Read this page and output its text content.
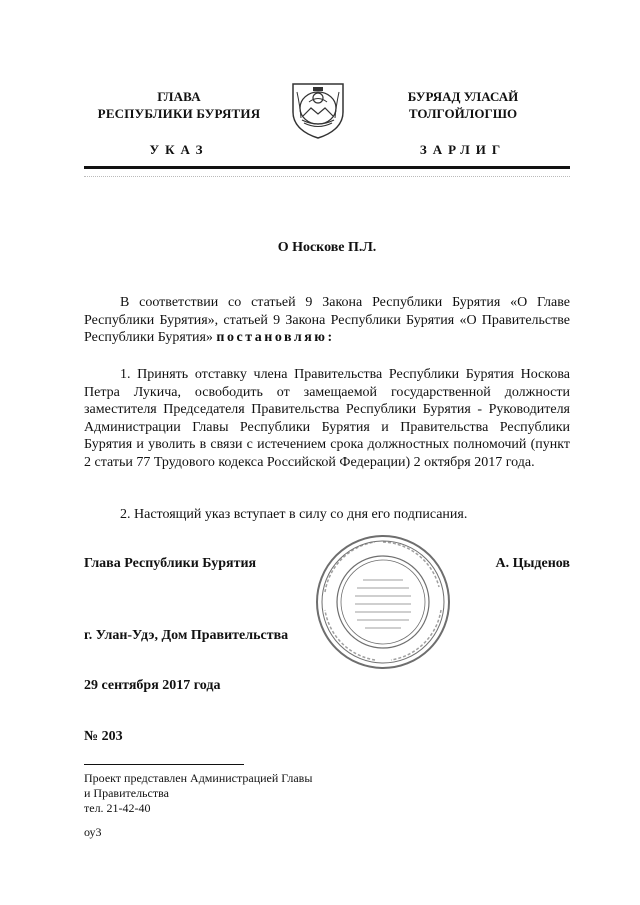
ГЛАВА
РЕСПУБЛИКИ БУРЯТИЯ
БУРЯАД УЛАСАЙ
ТОЛГОЙЛОГШО
УКАЗ	ЗАРЛИГ
О Носкове П.Л.
В соответствии со статьей 9 Закона Республики Бурятия «О Главе Республики Бурятия», статьей 9 Закона Республики Бурятия «О Правительстве Республики Бурятия» постановляю:
1. Принять отставку члена Правительства Республики Бурятия Носкова Петра Лукича, освободить от замещаемой государственной должности заместителя Председателя Правительства Республики Бурятия - Руководителя Администрации Главы Республики Бурятия и Правительства Республики Бурятия и уволить в связи с истечением срока должностных полномочий (пункт 2 статьи 77 Трудового кодекса Российской Федерации) 2 октября 2017 года.
2. Настоящий указ вступает в силу со дня его подписания.
Глава Республики Бурятия	А. Цыденов
г. Улан-Удэ, Дом Правительства
29 сентября 2017 года
№ 203
Проект представлен Администрацией Главы
и Правительства
тел. 21-42-40
оу3
